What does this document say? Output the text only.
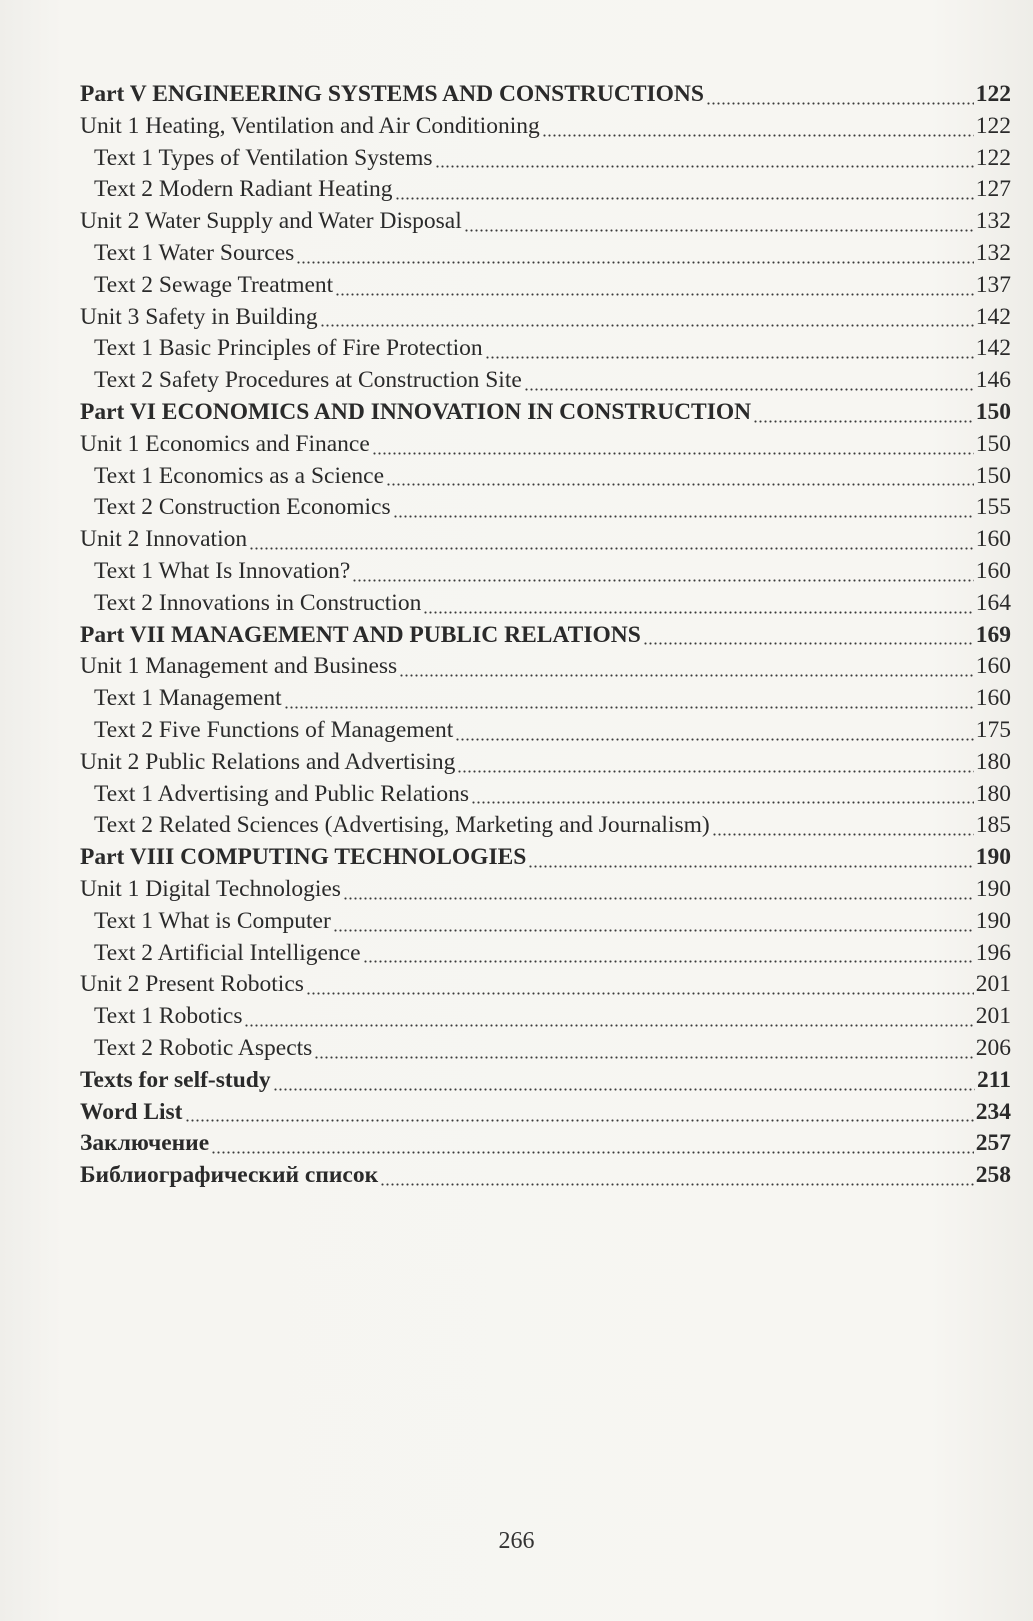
Part V ENGINEERING SYSTEMS AND CONSTRUCTIONS	122
Unit 1 Heating, Ventilation and Air Conditioning	122
Text 1 Types of Ventilation Systems	122
Text 2 Modern Radiant Heating	127
Unit 2 Water Supply and Water Disposal	132
Text 1 Water Sources	132
Text 2 Sewage Treatment	137
Unit 3 Safety in Building	142
Text 1 Basic Principles of Fire Protection	142
Text 2 Safety Procedures at Construction Site	146
Part VI ECONOMICS AND INNOVATION IN CONSTRUCTION	150
Unit 1 Economics and Finance	150
Text 1 Economics as a Science	150
Text 2 Construction Economics	155
Unit 2 Innovation	160
Text 1 What Is Innovation?	160
Text 2 Innovations in Construction	164
Part VII MANAGEMENT AND PUBLIC RELATIONS	169
Unit 1 Management and Business	160
Text 1 Management	160
Text 2 Five Functions of Management	175
Unit 2 Public Relations and Advertising	180
Text 1 Advertising and Public Relations	180
Text 2 Related Sciences (Advertising, Marketing and Journalism)	185
Part VIII COMPUTING TECHNOLOGIES	190
Unit 1 Digital Technologies	190
Text 1 What is Computer	190
Text 2 Artificial Intelligence	196
Unit 2 Present Robotics	201
Text 1 Robotics	201
Text 2 Robotic Aspects	206
Texts for self-study	211
Word List	234
Заключение	257
Библиографический список	258
266
